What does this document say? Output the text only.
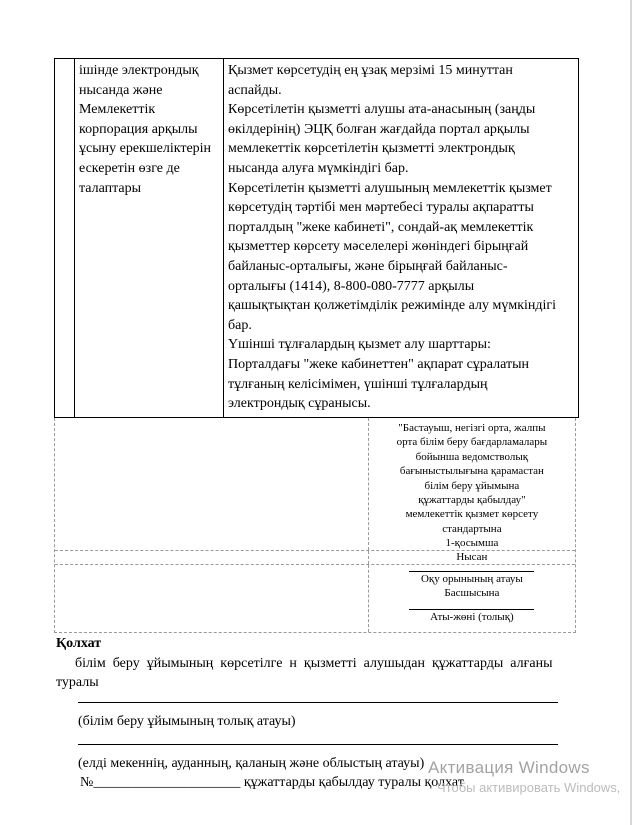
	ішінде электрондық
нысанда және
Мемлекеттік
корпорация арқылы
ұсыну ерекшеліктерін
ескеретін өзге де
талаптары	Қызмет көрсетудің ең ұзақ мерзімі 15 минуттан
аспайды.
Көрсетілетін қызметті алушы ата-анасының (заңды
өкілдерінің) ЭЦҚ болған жағдайда портал арқылы
мемлекеттік көрсетілетін қызметті электрондық
нысанда алуға мүмкіндігі бар.
Көрсетілетін қызметті алушының мемлекеттік қызмет
көрсетудің тәртібі мен мәртебесі туралы ақпаратты
порталдың "жеке кабинеті", сондай-ақ мемлекеттік
қызметтер көрсету мәселелері жөніндегі бірыңғай
байланыс-орталығы, және бірыңғай байланыс-
орталығы (1414), 8-800-080-7777 арқылы
қашықтықтан қолжетімділік режимінде алу мүмкіндігі
бар.
Үшінші тұлғалардың қызмет алу шарттары:
Порталдағы "жеке кабинеттен" ақпарат сұралатын
тұлғаның келісімімен, үшінші тұлғалардың
электрондық сұранысы.
"Бастауыш, негізгі орта, жалпы
орта білім беру бағдарламалары
бойынша ведомстволық
бағыныстылығына қарамастан
білім беру ұйымына
құжаттарды қабылдау"
мемлекеттік қызмет көрсету
стандартына
1-қосымша
Нысан
Оқу орынының атауы
Басшысына
Аты-жөні (толық)
Қолхат
білім беру ұйымының көрсетілге н қызметті алушыдан құжаттарды алғаны
туралы
(білім беру ұйымының толық атауы)
(елді мекеннің, ауданның, қаланың және облыстың атауы)
№_____________________ құжаттарды қабылдау туралы қолхат
Активация Windows
Чтобы активировать Windows,
